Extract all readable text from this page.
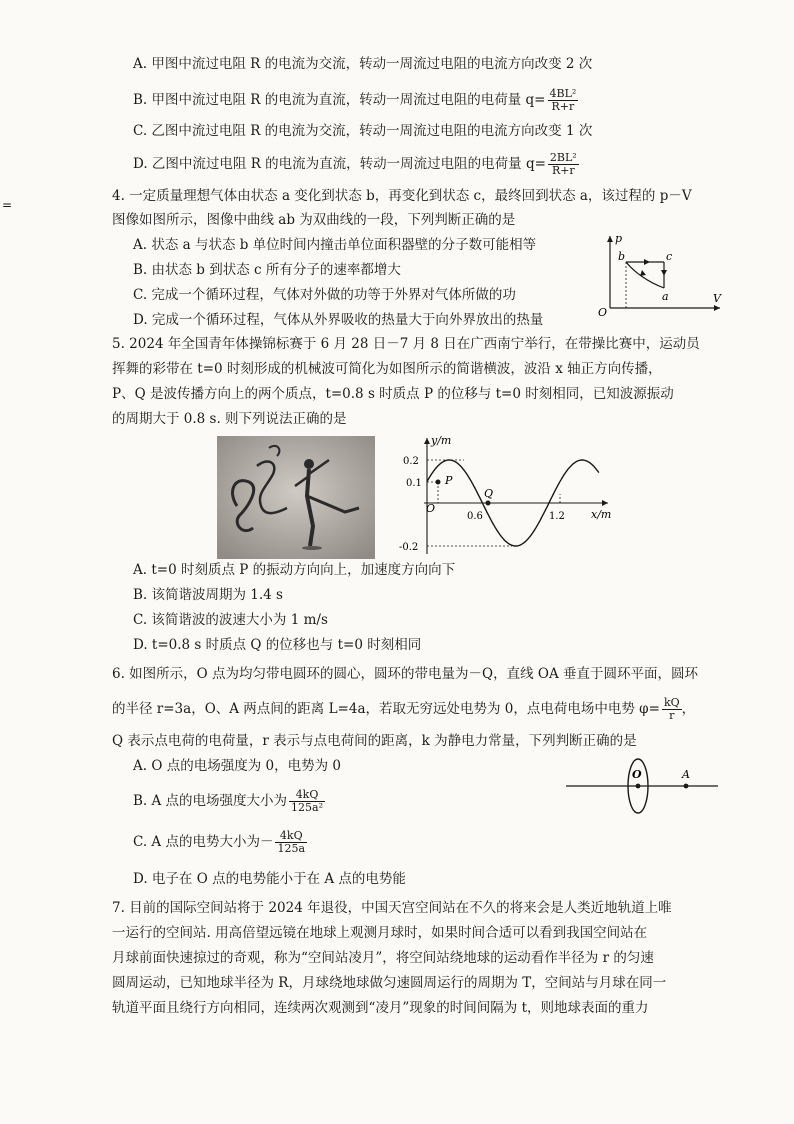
A. 甲图中流过电阻 R 的电流为交流，转动一周流过电阻的电流方向改变 2 次
B. 甲图中流过电阻 R 的电流为直流，转动一周流过电阻的电荷量 $q= \frac{\text{4BL²}}{R+r}$
C. 乙图中流过电阻 R 的电流为交流，转动一周流过电阻的电流方向改变 1 次
D. 乙图中流过电阻 R 的电流为直流，转动一周流过电阻的电荷量 $q= \frac{\text{2BL²}}{R+r}$
=
4. 一定质量理想气体由状态 a 变化到状态 b，再变化到状态 c，最终回到状态 a，该过程的 p－V
图像如图所示，图像中曲线 ab 为双曲线的一段，下列判断正确的是
A. 状态 a 与状态 b 单位时间内撞击单位面积器壁的分子数可能相等
B. 由状态 b 到状态 c 所有分子的速率都增大
C. 完成一个循环过程，气体对外做的功等于外界对气体所做的功
D. 完成一个循环过程，气体从外界吸收的热量大于向外界放出的热量
p
V
O
b	c
a
5. 2024 年全国青年体操锦标赛于 6 月 28 日－7 月 8 日在广西南宁举行，在带操比赛中，运动员
挥舞的彩带在 t=0 时刻形成的机械波可简化为如图所示的简谐横波，波沿 x 轴正方向传播，
P、Q 是波传播方向上的两个质点，t=0.8 s 时质点 P 的位移与 t=0 时刻相同，已知波源振动
的周期大于 0.8 s. 则下列说法正确的是
y/m
x/m
O
P
Q
0.2
0.1
-0.2
0.6	1.2
A. t=0 时刻质点 P 的振动方向向上，加速度方向向下
B. 该简谐波周期为 1.4 s
C. 该简谐波的波速大小为 1 m/s
D. t=0.8 s 时质点 Q 的位移也与 t=0 时刻相同
6. 如图所示，O 点为均匀带电圆环的圆心，圆环的带电量为－Q，直线 OA 垂直于圆环平面，圆环
的半径 r=3a，O、A 两点间的距离 L=4a，若取无穷远处电势为 0，点电荷电场中电势 $\varphi= \frac{kQ}{r}$ ，
Q 表示点电荷的电荷量，r 表示与点电荷间的距离，k 为静电力常量，下列判断正确的是
A. O 点的电场强度为 0，电势为 0
B. A 点的电场强度大小为 $\frac{4kQ}{\text{125a²}}$
C. A 点的电势大小为－ $\frac{4kQ}{125a}$
D. 电子在 O 点的电势能小于在 A 点的电势能
O	A
7. 目前的国际空间站将于 2024 年退役，中国天宫空间站在不久的将来会是人类近地轨道上唯
一运行的空间站. 用高倍望远镜在地球上观测月球时，如果时间合适可以看到我国空间站在
月球前面快速掠过的奇观，称为“空间站凌月”，将空间站绕地球的运动看作半径为 r 的匀速
圆周运动，已知地球半径为 R，月球绕地球做匀速圆周运行的周期为 T，空间站与月球在同一
轨道平面且绕行方向相同，连续两次观测到“凌月”现象的时间间隔为 t，则地球表面的重力
